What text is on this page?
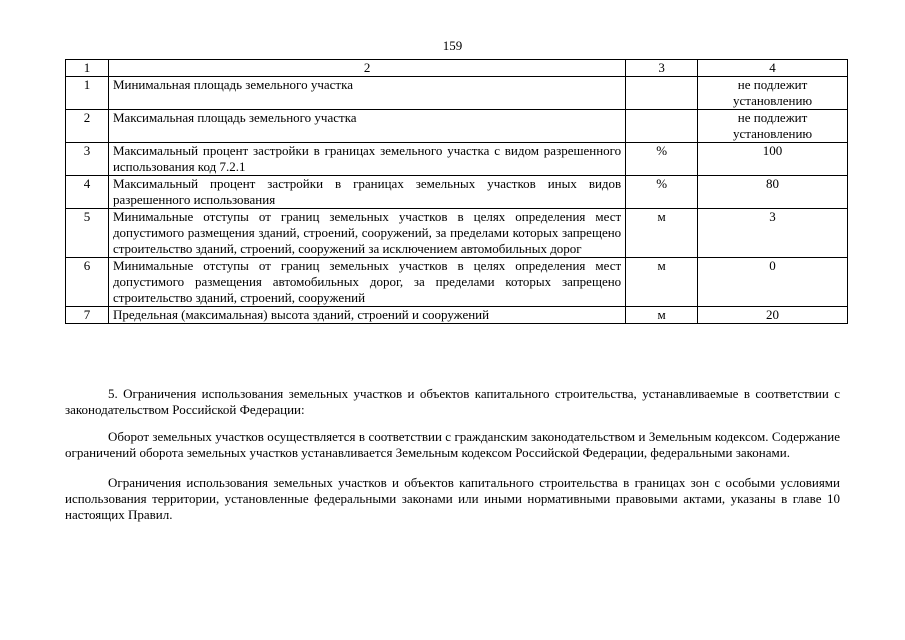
159
1	2	3	4
1	Минимальная площадь земельного участка		не подлежит установлению
2	Максимальная площадь земельного участка		не подлежит установлению
3	Максимальный процент застройки в границах земельного участка с видом разрешенного использования код 7.2.1	%	100
4	Максимальный процент застройки в границах земельных участков иных видов разрешенного использования	%	80
5	Минимальные отступы от границ земельных участков в целях определения мест допустимого размещения зданий, строений, сооружений, за пределами которых запрещено строительство зданий, строений, сооружений за исключением автомобильных дорог	м	3
6	Минимальные отступы от границ земельных участков в целях определения мест допустимого размещения автомобильных дорог, за пределами которых запрещено строительство зданий, строений, сооружений	м	0
7	Предельная (максимальная) высота зданий, строений и сооружений	м	20
5. Ограничения использования земельных участков и объектов капитального строительства, устанавливаемые в соответствии с законодательством Российской Федерации:
Оборот земельных участков осуществляется в соответствии с гражданским законодательством и Земельным кодексом. Содержание ограничений оборота земельных участков устанавливается Земельным кодексом Российской Федерации, федеральными законами.
Ограничения использования земельных участков и объектов капитального строительства в границах зон с особыми условиями использования территории, установленные федеральными законами или иными нормативными правовыми актами, указаны в главе 10 настоящих Правил.
